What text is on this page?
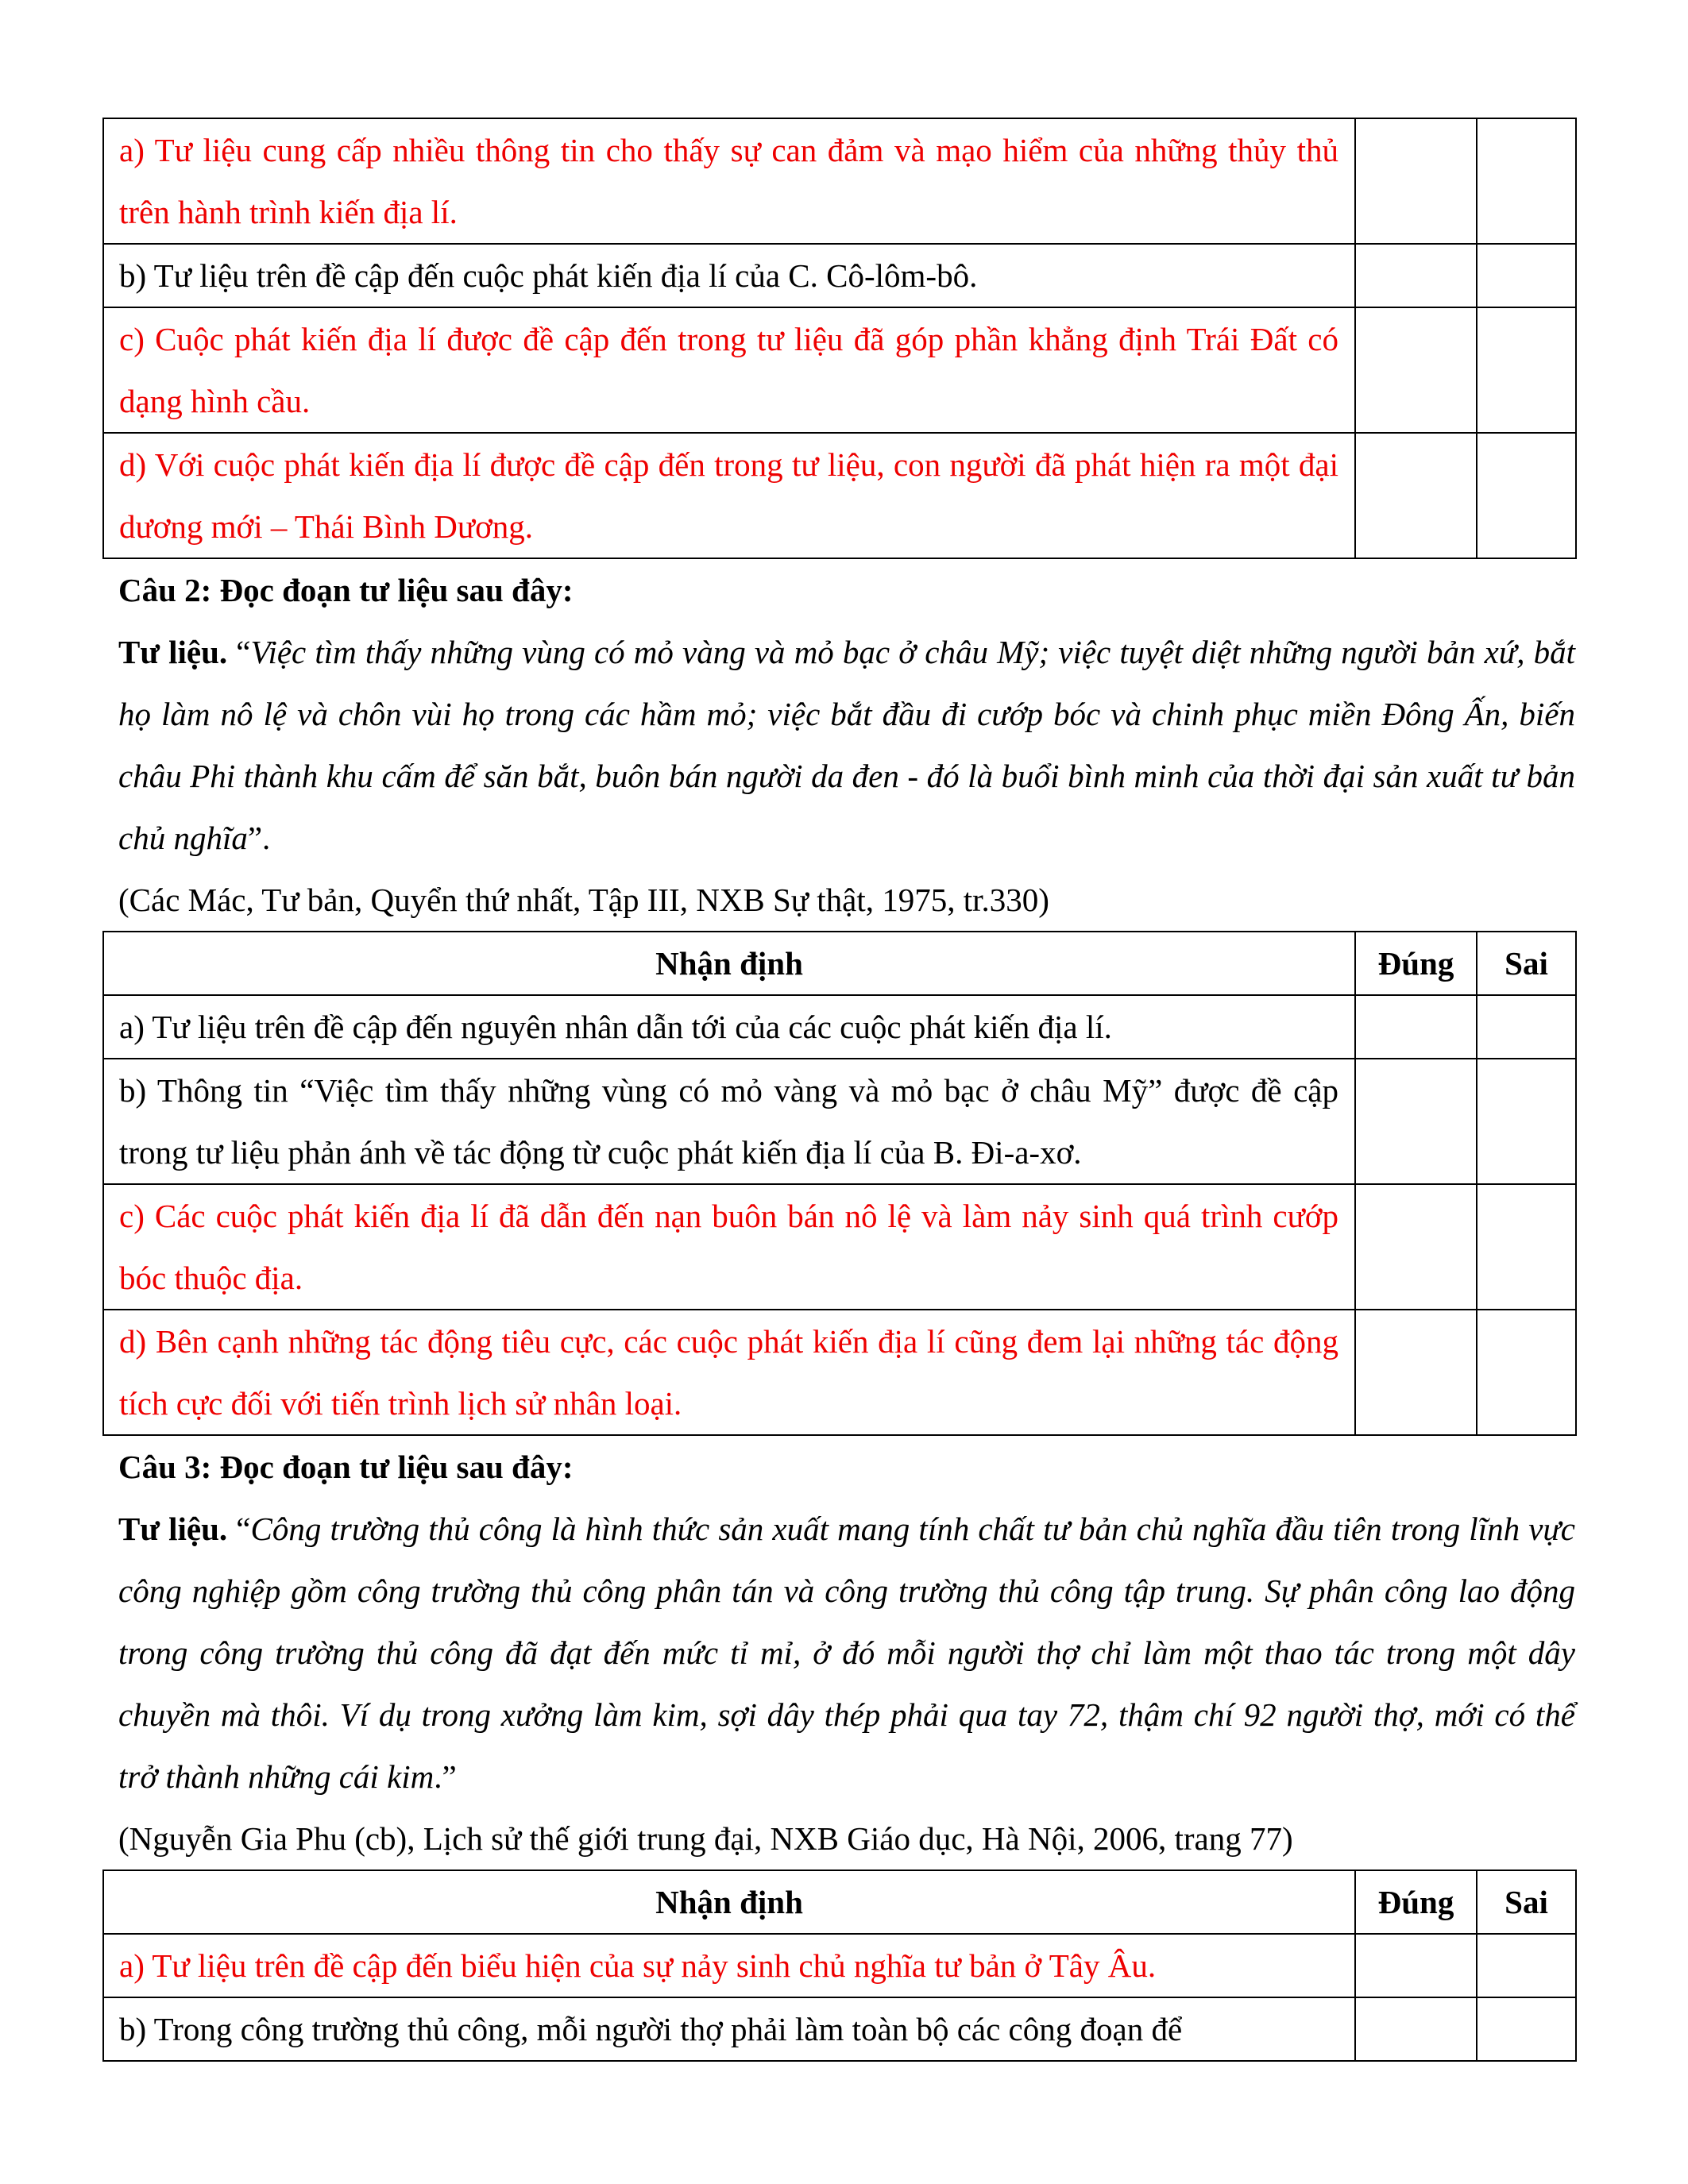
a) Tư liệu cung cấp nhiều thông tin cho thấy sự can đảm và mạo hiểm của những thủy thủ trên hành trình kiến địa lí.		

b) Tư liệu trên đề cập đến cuộc phát kiến địa lí của C. Cô-lôm-bô.		

c) Cuộc phát kiến địa lí được đề cập đến trong tư liệu đã góp phần khẳng định Trái Đất có dạng hình cầu.		

d) Với cuộc phát kiến địa lí được đề cập đến trong tư liệu, con người đã phát hiện ra một đại dương mới – Thái Bình Dương.		

Câu 2: Đọc đoạn tư liệu sau đây:
Tư liệu. “Việc tìm thấy những vùng có mỏ vàng và mỏ bạc ở châu Mỹ; việc tuyệt diệt những người bản xứ, bắt họ làm nô lệ và chôn vùi họ trong các hầm mỏ; việc bắt đầu đi cướp bóc và chinh phục miền Đông Ấn, biến châu Phi thành khu cấm để săn bắt, buôn bán người da đen - đó là buổi bình minh của thời đại sản xuất tư bản chủ nghĩa”.
(Các Mác, Tư bản, Quyển thứ nhất, Tập III, NXB Sự thật, 1975, tr.330)
Nhận định	Đúng	Sai

a) Tư liệu trên đề cập đến nguyên nhân dẫn tới của các cuộc phát kiến địa lí.		

b) Thông tin “Việc tìm thấy những vùng có mỏ vàng và mỏ bạc ở châu Mỹ” được đề cập trong tư liệu phản ánh về tác động từ cuộc phát kiến địa lí của B. Đi-a-xơ.		

c) Các cuộc phát kiến địa lí đã dẫn đến nạn buôn bán nô lệ và làm nảy sinh quá trình cướp bóc thuộc địa.		

d) Bên cạnh những tác động tiêu cực, các cuộc phát kiến địa lí cũng đem lại những tác động tích cực đối với tiến trình lịch sử nhân loại.		

Câu 3: Đọc đoạn tư liệu sau đây:
Tư liệu. “Công trường thủ công là hình thức sản xuất mang tính chất tư bản chủ nghĩa đầu tiên trong lĩnh vực công nghiệp gồm công trường thủ công phân tán và công trường thủ công tập trung. Sự phân công lao động trong công trường thủ công đã đạt đến mức tỉ mỉ, ở đó mỗi người thợ chỉ làm một thao tác trong một dây chuyền mà thôi. Ví dụ trong xưởng làm kim, sợi dây thép phải qua tay 72, thậm chí 92 người thợ, mới có thể trở thành những cái kim.”
(Nguyễn Gia Phu (cb), Lịch sử thế giới trung đại, NXB Giáo dục, Hà Nội, 2006, trang 77)
Nhận định	Đúng	Sai

a) Tư liệu trên đề cập đến biểu hiện của sự nảy sinh chủ nghĩa tư bản ở Tây Âu.		

b) Trong công trường thủ công, mỗi người thợ phải làm toàn bộ các công đoạn để		
